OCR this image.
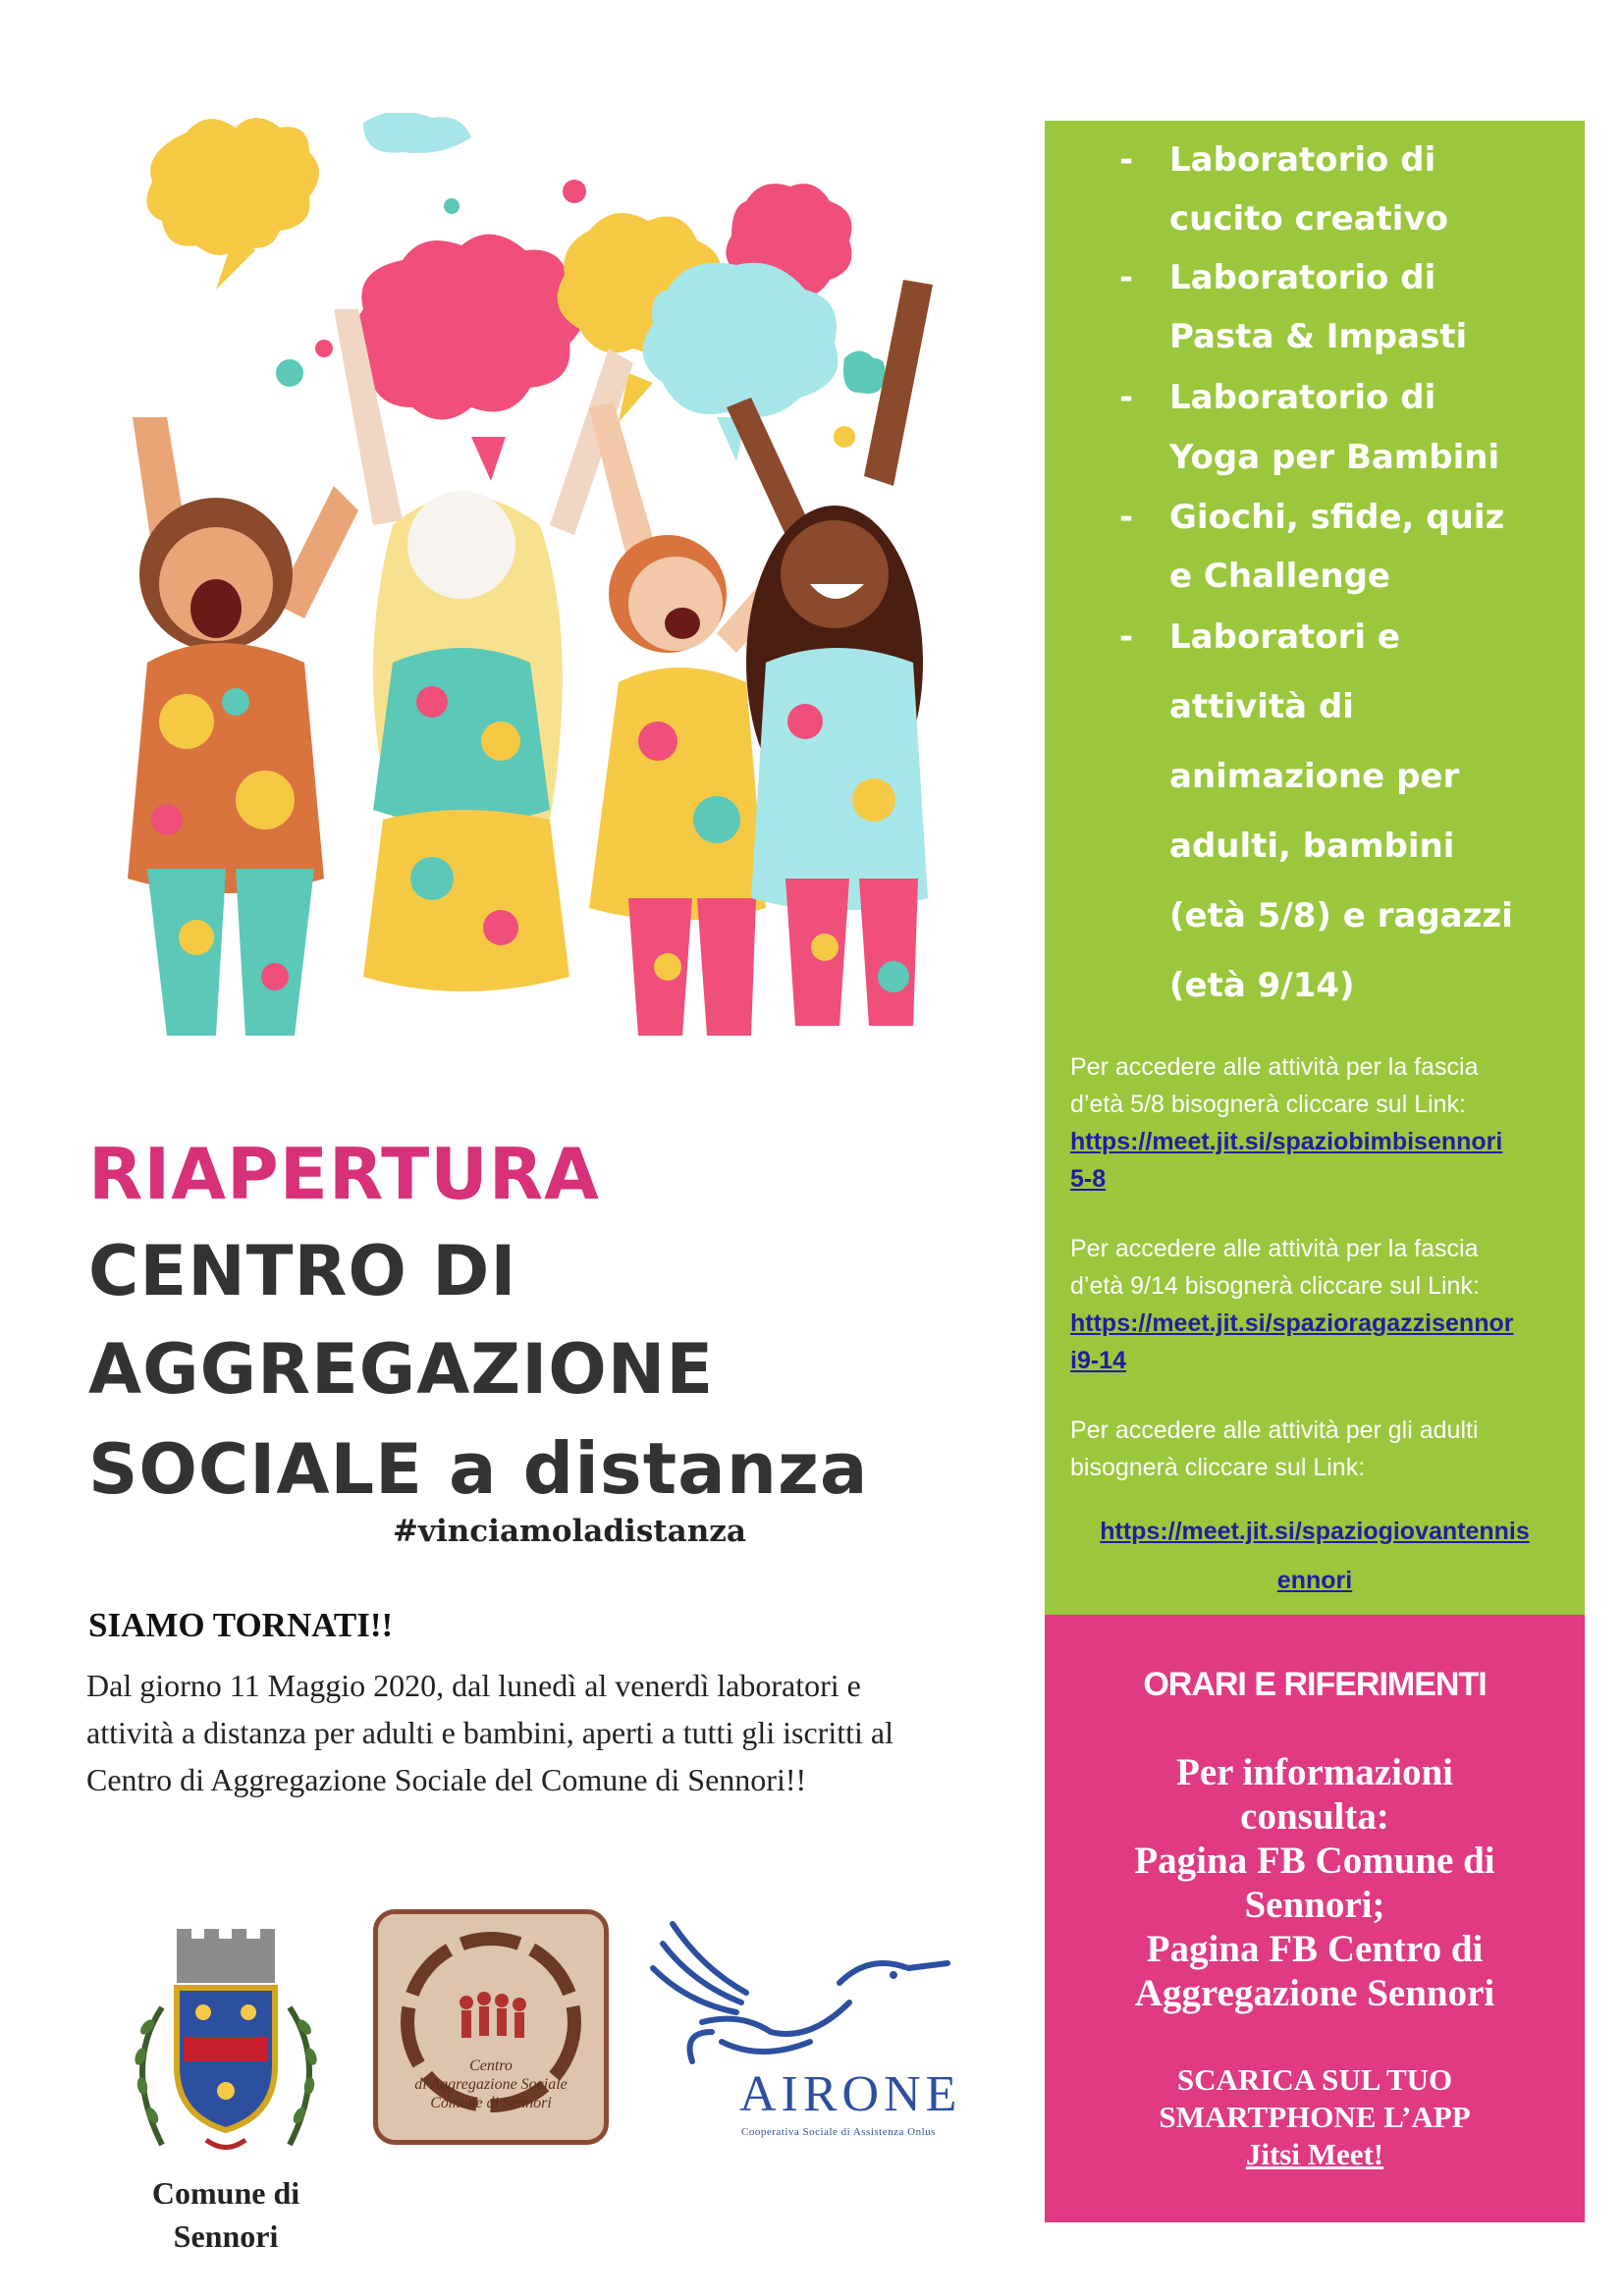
RIAPERTURA
CENTRO DI
AGGREGAZIONE
SOCIALE a distanza
#vinciamoladistanza
SIAMO TORNATI!!
Dal giorno 11 Maggio 2020, dal lunedì al venerdì laboratori e
attività a distanza per adulti e bambini, aperti a tutti gli iscritti al
Centro di Aggregazione Sociale del Comune di Sennori!!
Comune di
Sennori
Centro
di Aggregazione Sociale
Comune di Sennori	AIRONE
Cooperativa Sociale di Assistenza Onlus
- Laboratorio di
cucito creativo
- Laboratorio di
Pasta & Impasti
- Laboratorio di
Yoga per Bambini
- Giochi, sfide, quiz
e Challenge
- Laboratori e
attività di
animazione per
adulti, bambini
(età 5/8) e ragazzi
(età 9/14)
Per accedere alle attività per la fascia
d’età 5/8 bisognerà cliccare sul Link:
https://meet.jit.si/spaziobimbisennori
5-8
Per accedere alle attività per la fascia
d’età 9/14 bisognerà cliccare sul Link:
https://meet.jit.si/spazioragazzisennor
i9-14
Per accedere alle attività per gli adulti
bisognerà cliccare sul Link:
https://meet.jit.si/spaziogiovantennis
ennori
ORARI E RIFERIMENTI
Per informazioni
consulta:
Pagina FB Comune di
Sennori;
Pagina FB Centro di
Aggregazione Sennori
SCARICA SUL TUO
SMARTPHONE L’APP
Jitsi Meet!
